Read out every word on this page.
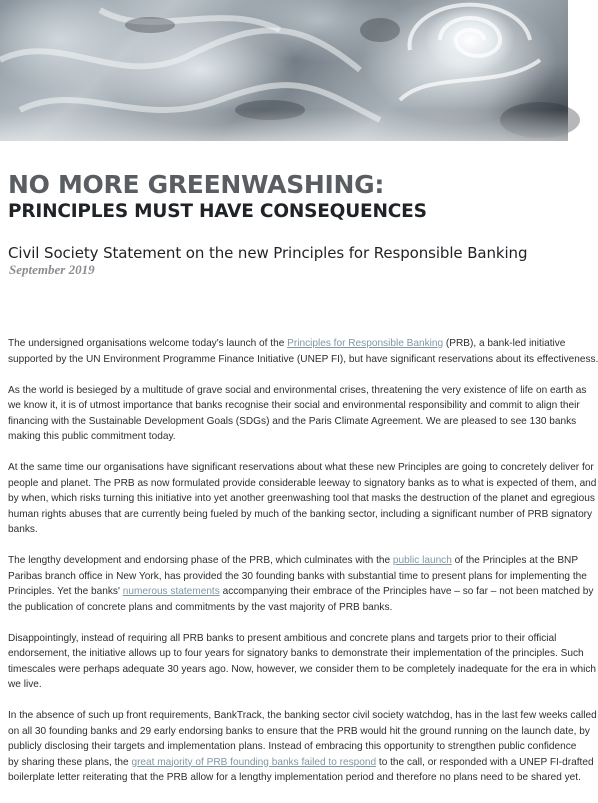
NO MORE GREENWASHING:
PRINCIPLES MUST HAVE CONSEQUENCES
Civil Society Statement on the new Principles for Responsible Banking
September 2019

The undersigned organisations welcome today's launch of the Principles for Responsible Banking (PRB), a bank-led initiative
supported by the UN Environment Programme Finance Initiative (UNEP FI), but have significant reservations about its effectiveness.

As the world is besieged by a multitude of grave social and environmental crises, threatening the very existence of life on earth as
we know it, it is of utmost importance that banks recognise their social and environmental responsibility and commit to align their
financing with the Sustainable Development Goals (SDGs) and the Paris Climate Agreement. We are pleased to see 130 banks
making this public commitment today.

At the same time our organisations have significant reservations about what these new Principles are going to concretely deliver for
people and planet. The PRB as now formulated provide considerable leeway to signatory banks as to what is expected of them, and
by when, which risks turning this initiative into yet another greenwashing tool that masks the destruction of the planet and egregious
human rights abuses that are currently being fueled by much of the banking sector, including a significant number of PRB signatory
banks.

The lengthy development and endorsing phase of the PRB, which culminates with the public launch of the Principles at the BNP
Paribas branch office in New York, has provided the 30 founding banks with substantial time to present plans for implementing the
Principles. Yet the banks' numerous statements accompanying their embrace of the Principles have – so far – not been matched by
the publication of concrete plans and commitments by the vast majority of PRB banks.

Disappointingly, instead of requiring all PRB banks to present ambitious and concrete plans and targets prior to their official
endorsement, the initiative allows up to four years for signatory banks to demonstrate their implementation of the principles. Such
timescales were perhaps adequate 30 years ago. Now, however, we consider them to be completely inadequate for the era in which
we live.

In the absence of such up front requirements, BankTrack, the banking sector civil society watchdog, has in the last few weeks called
on all 30 founding banks and 29 early endorsing banks to ensure that the PRB would hit the ground running on the launch date, by
publicly disclosing their targets and implementation plans. Instead of embracing this opportunity to strengthen public confidence
by sharing these plans, the great majority of PRB founding banks failed to respond to the call, or responded with a UNEP FI-drafted
boilerplate letter reiterating that the PRB allow for a lengthy implementation period and therefore no plans need to be shared yet.
